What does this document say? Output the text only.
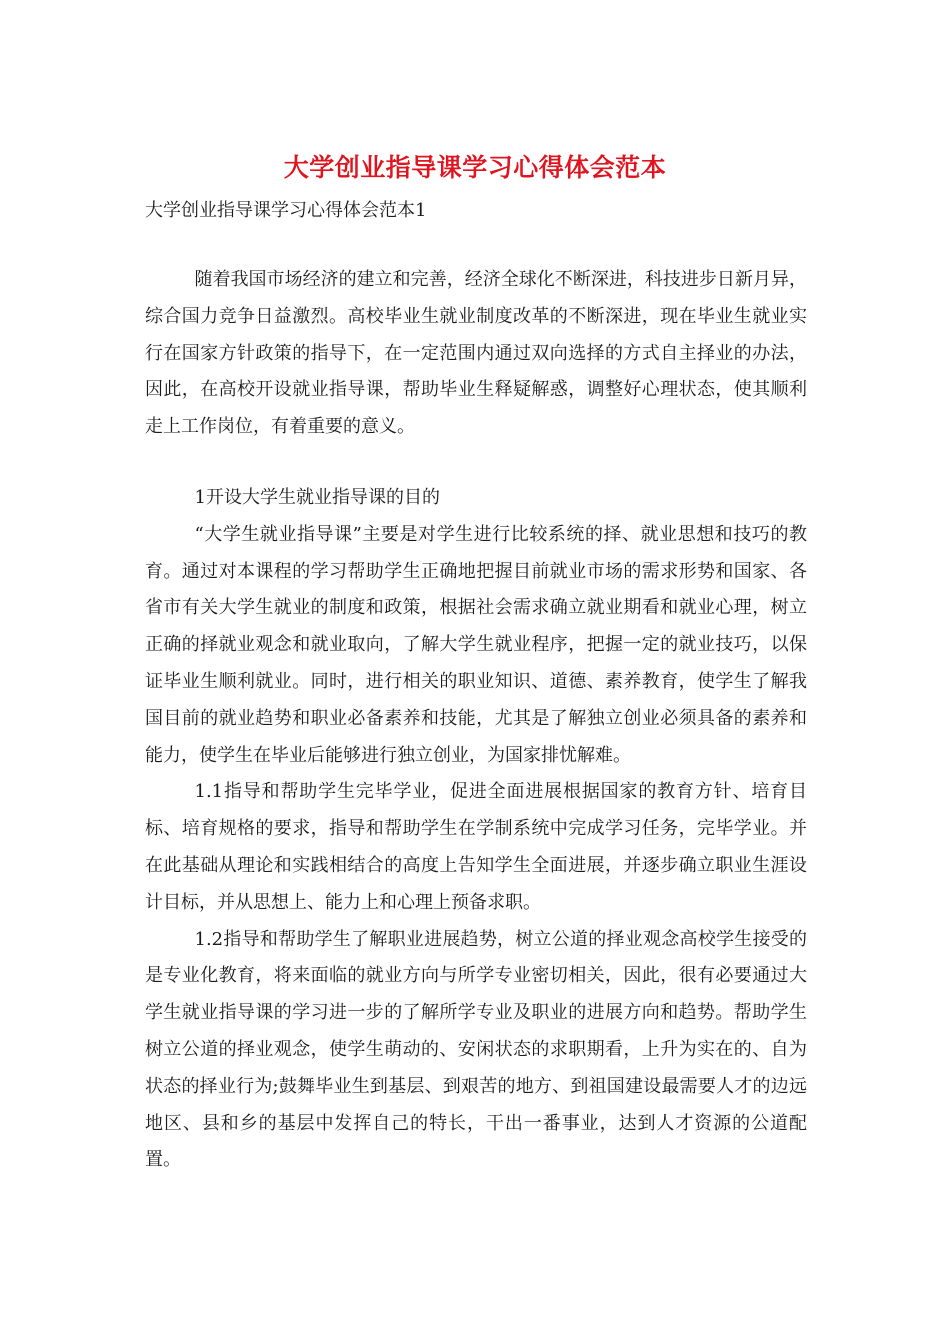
大学创业指导课学习心得体会范本
大学创业指导课学习心得体会范本1

随着我国市场经济的建立和完善，经济全球化不断深进，科技进步日新月异，综合国力竞争日益激烈。高校毕业生就业制度改革的不断深进，现在毕业生就业实行在国家方针政策的指导下，在一定范围内通过双向选择的方式自主择业的办法，因此，在高校开设就业指导课，帮助毕业生释疑解惑，调整好心理状态，使其顺利走上工作岗位，有着重要的意义。

1开设大学生就业指导课的目的

“大学生就业指导课”主要是对学生进行比较系统的择、就业思想和技巧的教育。通过对本课程的学习帮助学生正确地把握目前就业市场的需求形势和国家、各省市有关大学生就业的制度和政策，根据社会需求确立就业期看和就业心理，树立正确的择就业观念和就业取向，了解大学生就业程序，把握一定的就业技巧，以保证毕业生顺利就业。同时，进行相关的职业知识、道德、素养教育，使学生了解我国目前的就业趋势和职业必备素养和技能，尤其是了解独立创业必须具备的素养和能力，使学生在毕业后能够进行独立创业，为国家排忧解难。

1.1指导和帮助学生完毕学业，促进全面进展根据国家的教育方针、培育目标、培育规格的要求，指导和帮助学生在学制系统中完成学习任务，完毕学业。并在此基础从理论和实践相结合的高度上告知学生全面进展，并逐步确立职业生涯设计目标，并从思想上、能力上和心理上预备求职。

1.2指导和帮助学生了解职业进展趋势，树立公道的择业观念高校学生接受的是专业化教育，将来面临的就业方向与所学专业密切相关，因此，很有必要通过大学生就业指导课的学习进一步的了解所学专业及职业的进展方向和趋势。帮助学生树立公道的择业观念，使学生萌动的、安闲状态的求职期看，上升为实在的、自为状态的择业行为;鼓舞毕业生到基层、到艰苦的地方、到祖国建设最需要人才的边远地区、县和乡的基层中发挥自己的特长，干出一番事业，达到人才资源的公道配置。
